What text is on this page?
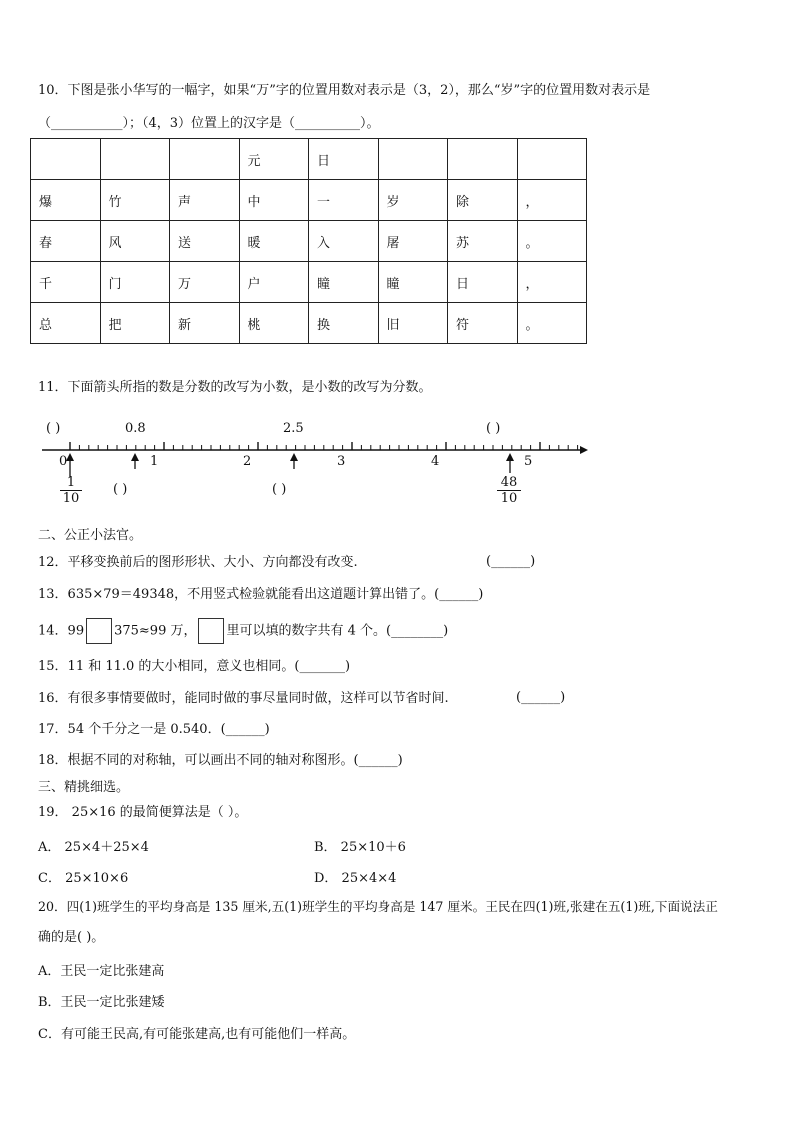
10．下图是张小华写的一幅字，如果“万”字的位置用数对表示是（3，2），那么“岁”字的位置用数对表示是
（___________）；（4，3）位置上的汉字是（__________）。
			元	日			
爆	竹	声	中	一	岁	除	，
春	风	送	暖	入	屠	苏	。
千	门	万	户	瞳	瞳	日	，
总	把	新	桃	换	旧	符	。
11．下面箭头所指的数是分数的改写为小数，是小数的改写为分数。
( )	0.8	2.5	( )
0	1	2	3	4	5
$\frac{1}{10}$ ( )	( )	$\frac{48}{10}$
二、公正小法官。
12．平移变换前后的图形形状、大小、方向都没有改变.	(______)
13．635×79＝49348，不用竖式检验就能看出这道题计算出错了。(______)
14．99 375≈99 万， 里可以填的数字共有 4 个。(________)
15．11 和 11.0 的大小相同，意义也相同。(_______)
16．有很多事情要做时，能同时做的事尽量同时做，这样可以节省时间.	(______)
17．54 个千分之一是 0.540．(______)
18．根据不同的对称轴，可以画出不同的轴对称图形。(______)
三、精挑细选。
19． 25×16 的最简便算法是（ ）。
A． 25×4＋25×4	B． 25×10＋6
C． 25×10×6	D． 25×4×4
20．四(1)班学生的平均身高是 135 厘米,五(1)班学生的平均身高是 147 厘米。王民在四(1)班,张建在五(1)班,下面说法正
确的是( )。
A．王民一定比张建高
B．王民一定比张建矮
C．有可能王民高,有可能张建高,也有可能他们一样高。
